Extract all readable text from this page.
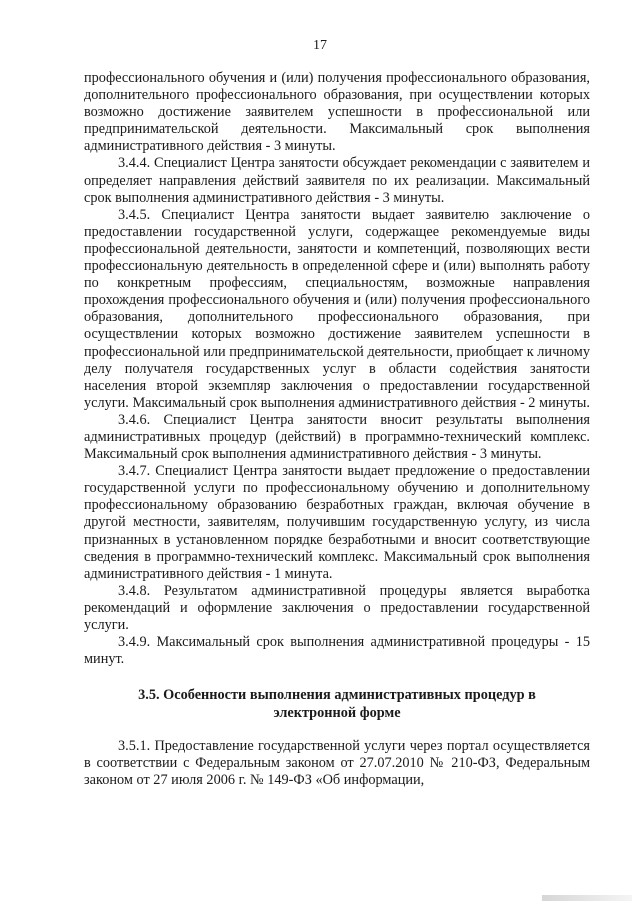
17

профессионального обучения и (или) получения профессионального образования, дополнительного профессионального образования, при осуществлении которых возможно достижение заявителем успешности в профессиональной или предпринимательской деятельности. Максимальный срок выполнения административного действия - 3 минуты.

3.4.4. Специалист Центра занятости обсуждает рекомендации с заявителем и определяет направления действий заявителя по их реализации. Максимальный срок выполнения административного действия - 3 минуты.

3.4.5. Специалист Центра занятости выдает заявителю заключение о предоставлении государственной услуги, содержащее рекомендуемые виды профессиональной деятельности, занятости и компетенций, позволяющих вести профессиональную деятельность в определенной сфере и (или) выполнять работу по конкретным профессиям, специальностям, возможные направления прохождения профессионального обучения и (или) получения профессионального образования, дополнительного профессионального образования, при осуществлении которых возможно достижение заявителем успешности в профессиональной или предпринимательской деятельности, приобщает к личному делу получателя государственных услуг в области содействия занятости населения второй экземпляр заключения о предоставлении государственной услуги. Максимальный срок выполнения административного действия - 2 минуты.

3.4.6. Специалист Центра занятости вносит результаты выполнения административных процедур (действий) в программно-технический комплекс. Максимальный срок выполнения административного действия - 3 минуты.

3.4.7. Специалист Центра занятости выдает предложение о предоставлении государственной услуги по профессиональному обучению и дополнительному профессиональному образованию безработных граждан, включая обучение в другой местности, заявителям, получившим государственную услугу, из числа признанных в установленном порядке безработными и вносит соответствующие сведения в программно-технический комплекс. Максимальный срок выполнения административного действия - 1 минута.

3.4.8. Результатом административной процедуры является выработка рекомендаций и оформление заключения о предоставлении государственной услуги.

3.4.9. Максимальный срок выполнения административной процедуры - 15 минут.

3.5. Особенности выполнения административных процедур в электронной форме

3.5.1. Предоставление государственной услуги через портал осуществляется в соответствии с Федеральным законом от 27.07.2010 № 210-ФЗ, Федеральным законом от 27 июля 2006 г. № 149-ФЗ «Об информации,
